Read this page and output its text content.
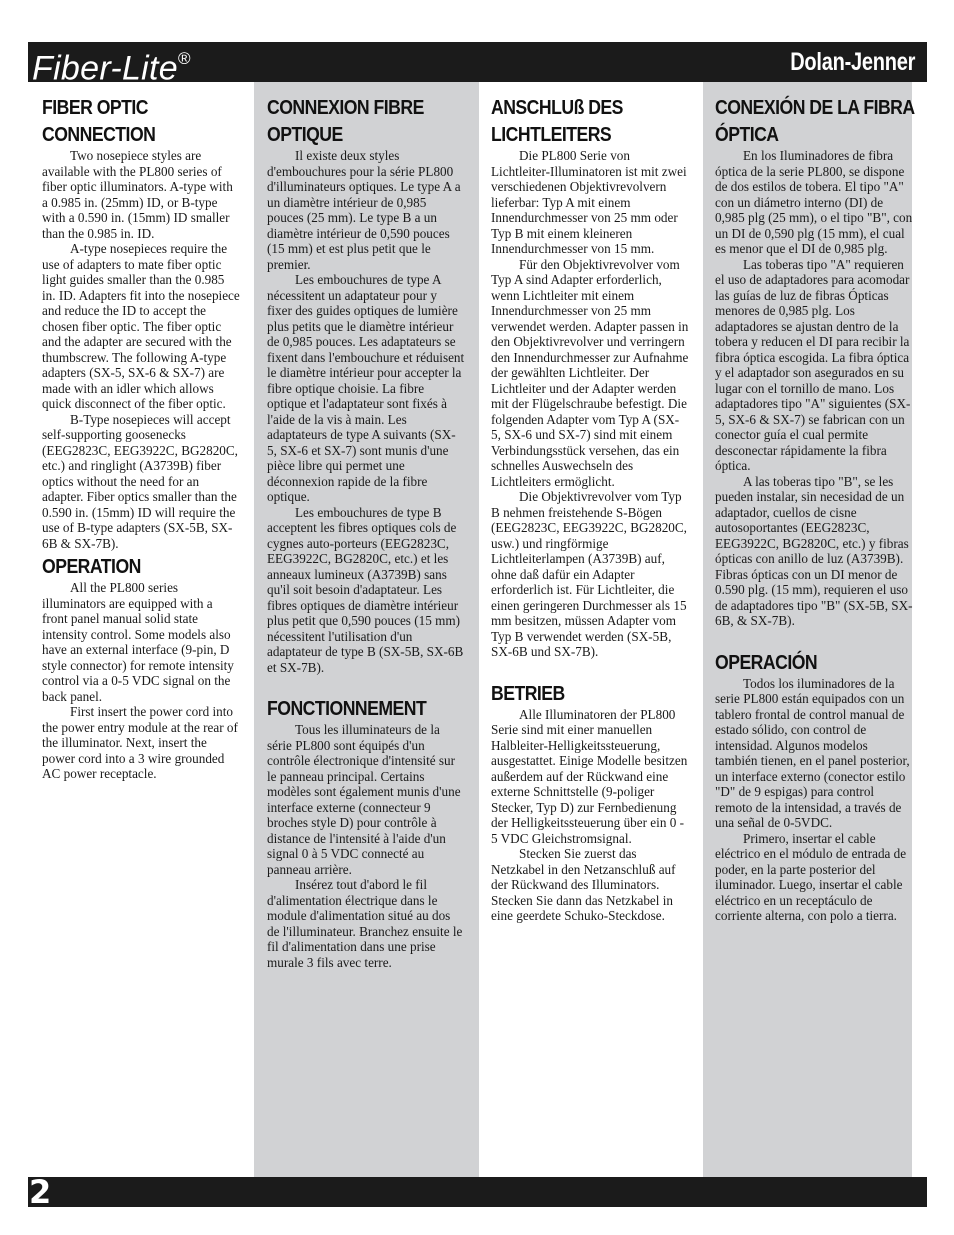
Fiber-Lite®	Dolan-Jenner
FIBER OPTIC CONNECTION

Two nosepiece styles are available with the PL800 series of fiber optic illuminators. A-type with a 0.985 in. (25mm) ID, or B-type with a 0.590 in. (15mm) ID smaller than the 0.985 in. ID.

A-type nosepieces require the use of adapters to mate fiber optic light guides smaller than the 0.985 in. ID. Adapters fit into the nosepiece and reduce the ID to accept the chosen fiber optic. The fiber optic and the adapter are secured with the thumbscrew. The following A-type adapters (SX-5, SX-6 & SX-7) are made with an idler which allows quick disconnect of the fiber optic.

B-Type nosepieces will accept self-supporting goosenecks (EEG2823C, EEG3922C, BG2820C, etc.) and ringlight (A3739B) fiber optics without the need for an adapter. Fiber optics smaller than the 0.590 in. (15mm) ID will require the use of B-type adapters (SX-5B, SX-6B & SX-7B).

OPERATION

All the PL800 series illuminators are equipped with a front panel manual solid state intensity control. Some models also have an external interface (9-pin, D style connector) for remote intensity control via a 0-5 VDC signal on the back panel.

First insert the power cord into the power entry module at the rear of the illuminator. Next, insert the power cord into a 3 wire grounded AC power receptacle.

CONNEXION FIBRE OPTIQUE

Il existe deux styles d'embouchures pour la série PL800 d'illuminateurs optiques. Le type A a un diamètre intérieur de 0,985 pouces (25 mm). Le type B a un diamètre intérieur de 0,590 pouces (15 mm) et est plus petit que le premier.

Les embouchures de type A nécessitent un adaptateur pour y fixer des guides optiques de lumière plus petits que le diamètre intérieur de 0,985 pouces. Les adaptateurs se fixent dans l'embouchure et réduisent le diamètre intérieur pour accepter la fibre optique choisie. La fibre optique et l'adaptateur sont fixés à l'aide de la vis à main. Les adaptateurs de type A suivants (SX-5, SX-6 et SX-7) sont munis d'une pièce libre qui permet une déconnexion rapide de la fibre optique.

Les embouchures de type B acceptent les fibres optiques cols de cygnes auto-porteurs (EEG2823C, EEG3922C, BG2820C, etc.) et les anneaux lumineux (A3739B) sans qu'il soit besoin d'adaptateur. Les fibres optiques de diamètre intérieur plus petit que 0,590 pouces (15 mm) nécessitent l'utilisation d'un adaptateur de type B (SX-5B, SX-6B et SX-7B).

FONCTIONNEMENT

Tous les illuminateurs de la série PL800 sont équipés d'un contrôle électronique d'intensité sur le panneau principal. Certains modèles sont également munis d'une interface externe (connecteur 9 broches style D) pour contrôle à distance de l'intensité à l'aide d'un signal 0 à 5 VDC connecté au panneau arrière.

Insérez tout d'abord le fil d'alimentation électrique dans le module d'alimentation situé au dos de l'illuminateur. Branchez ensuite le fil d'alimentation dans une prise murale 3 fils avec terre.

ANSCHLUß DES LICHTLEITERS

Die PL800 Serie von Lichtleiter-Illuminatoren ist mit zwei verschiedenen Objektivrevolvern lieferbar: Typ A mit einem Innendurchmesser von 25 mm oder Typ B mit einem kleineren Innendurchmesser von 15 mm.

Für den Objektivrevolver vom Typ A sind Adapter erforderlich, wenn Lichtleiter mit einem Innendurchmesser von 25 mm verwendet werden. Adapter passen in den Objektivrevolver und verringern den Innendurchmesser zur Aufnahme der gewählten Lichtleiter. Der Lichtleiter und der Adapter werden mit der Flügelschraube befestigt. Die folgenden Adapter vom Typ A (SX-5, SX-6 und SX-7) sind mit einem Verbindungsstück versehen, das ein schnelles Auswechseln des Lichtleiters ermöglicht.

Die Objektivrevolver vom Typ B nehmen freistehende S-Bögen (EEG2823C, EEG3922C, BG2820C, usw.) und ringförmige Lichtleiterlampen (A3739B) auf, ohne daß dafür ein Adapter erforderlich ist. Für Lichtleiter, die einen geringeren Durchmesser als 15 mm besitzen, müssen Adapter vom Typ B verwendet werden (SX-5B, SX-6B und SX-7B).

BETRIEB

Alle Illuminatoren der PL800 Serie sind mit einer manuellen Halbleiter-Helligkeitssteuerung, ausgestattet. Einige Modelle besitzen außerdem auf der Rückwand eine externe Schnittstelle (9-poliger Stecker, Typ D) zur Fernbedienung der Helligkeitssteuerung über ein 0 - 5 VDC Gleichstromsignal.

Stecken Sie zuerst das Netzkabel in den Netzanschluß auf der Rückwand des Illuminators. Stecken Sie dann das Netzkabel in eine geerdete Schuko-Steckdose.

CONEXIÓN DE LA FIBRA ÓPTICA

En los Iluminadores de fibra óptica de la serie PL800, se dispone de dos estilos de tobera. El tipo "A" con un diámetro interno (DI) de 0,985 plg (25 mm), o el tipo "B", con un DI de 0,590 plg (15 mm), el cual es menor que el DI de 0,985 plg.

Las toberas tipo "A" requieren el uso de adaptadores para acomodar las guías de luz de fibras Ópticas menores de 0,985 plg. Los adaptadores se ajustan dentro de la tobera y reducen el DI para recibir la fibra óptica escogida. La fibra óptica y el adaptador son asegurados en su lugar con el tornillo de mano. Los adaptadores tipo "A" siguientes (SX-5, SX-6 & SX-7) se fabrican con un conector guía el cual permite desconectar rápidamente la fibra óptica.

A las toberas tipo "B", se les pueden instalar, sin necesidad de un adaptador, cuellos de cisne autosoportantes (EEG2823C, EEG3922C, BG2820C, etc.) y fibras ópticas con anillo de luz (A3739B). Fibras ópticas con un DI menor de 0.590 plg. (15 mm), requieren el uso de adaptadores tipo "B" (SX-5B, SX-6B, & SX-7B).

OPERACIÓN

Todos los iluminadores de la serie PL800 están equipados con un tablero frontal de control manual de estado sólido, con control de intensidad. Algunos modelos también tienen, en el panel posterior, un interface externo (conector estilo "D" de 9 espigas) para control remoto de la intensidad, a través de una señal de 0-5VDC.

Primero, insertar el cable eléctrico en el módulo de entrada de poder, en la parte posterior del iluminador. Luego, insertar el cable eléctrico en un receptáculo de corriente alterna, con polo a tierra.

2
